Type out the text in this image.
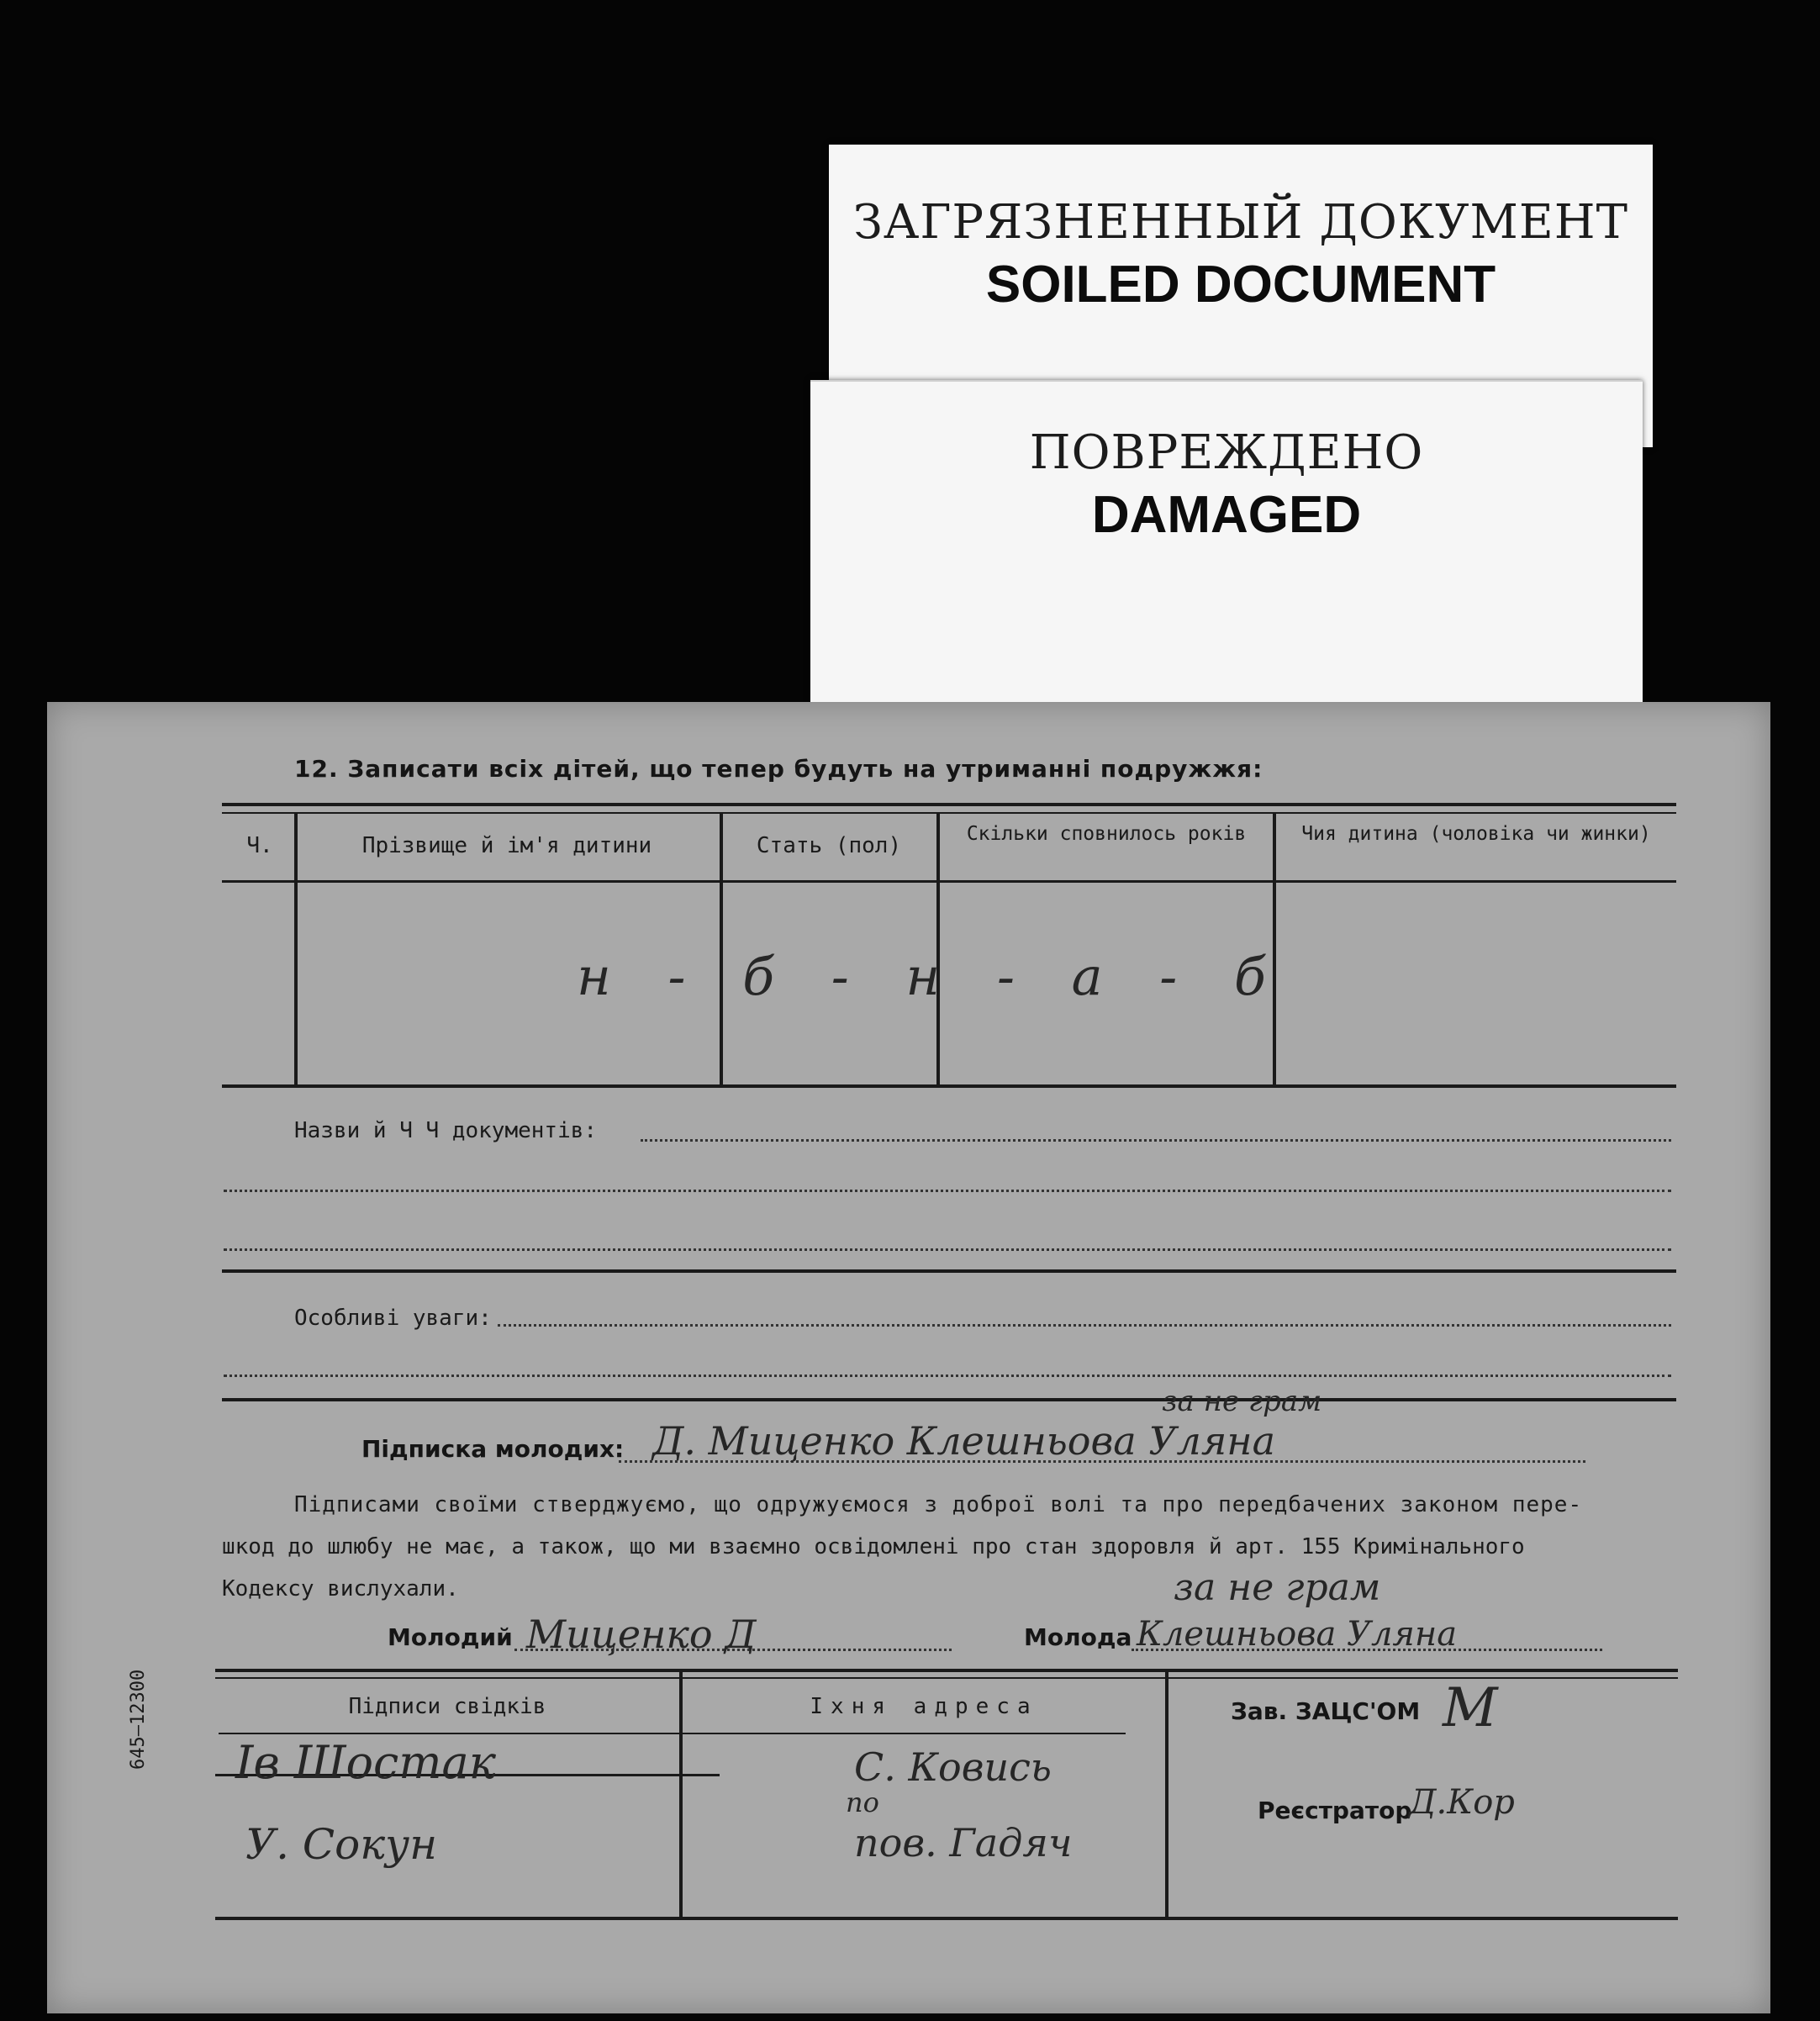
ЗАГРЯЗНЕННЫЙ ДОКУМЕНТ
SOILED DOCUMENT
ПОВРЕЖДЕНО
DAMAGED
12. Записати всіх дітей, що тепер будуть на утриманні подружжя:
Ч.	Прізвище й ім'я дитини	Стать (пол)	Скільки сповнилось років	Чия дитина (чоловіка чи жинки)
н - б - н - а - б
Назви й Ч Ч документів:
Особливі уваги:
Підписка молодих:
за не грам
Д. Миценко Клешньова Уляна
Підписами своїми стверджуємо, що одружуємося з доброї волі та про передбачених законом пере-
шкод до шлюбу не має, а також, що ми взаємно освідомлені про стан здоровля й арт. 155 Кримінального
Кодексу вислухали.
Молодий Миценко Д	Молода
за не грам
Клешньова Уляна
Підписи свідків	Іхня адреса
Ів Шостак
У. Сокун
С. Ковись
по
пов. Гадяч
Зав. ЗАЦС'ОМ М
Реєстратор
Д.Кор
645—12300
